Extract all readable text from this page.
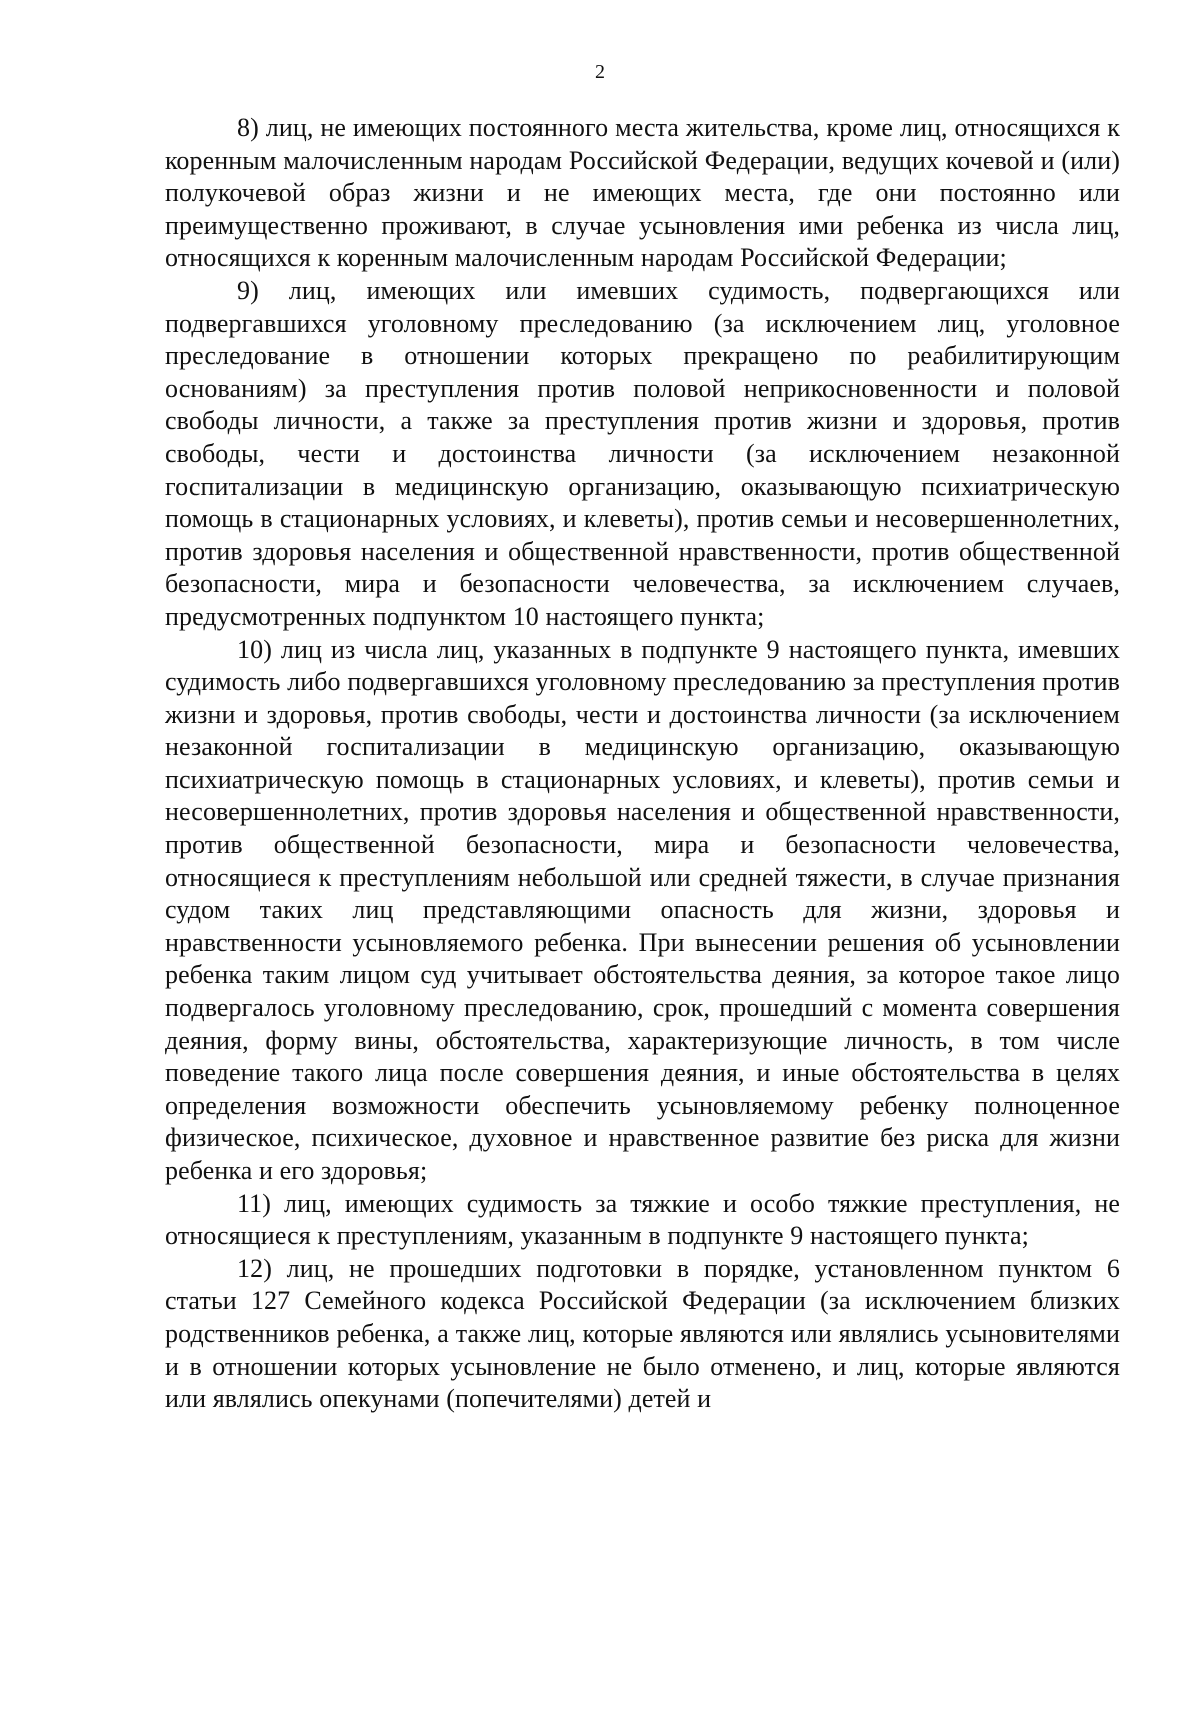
2

8) лиц, не имеющих постоянного места жительства, кроме лиц, относящихся к коренным малочисленным народам Российской Федерации, ведущих кочевой и (или) полукочевой образ жизни и не имеющих места, где они постоянно или преимущественно проживают, в случае усыновления ими ребенка из числа лиц, относящихся к коренным малочисленным народам Российской Федерации;

9) лиц, имеющих или имевших судимость, подвергающихся или подвергавшихся уголовному преследованию (за исключением лиц, уголовное преследование в отношении которых прекращено по реабилитирующим основаниям) за преступления против половой неприкосновенности и половой свободы личности, а также за преступления против жизни и здоровья, против свободы, чести и достоинства личности (за исключением незаконной госпитализации в медицинскую организацию, оказывающую психиатрическую помощь в стационарных условиях, и клеветы), против семьи и несовершеннолетних, против здоровья населения и общественной нравственности, против общественной безопасности, мира и безопасности человечества, за исключением случаев, предусмотренных подпунктом 10 настоящего пункта;

10) лиц из числа лиц, указанных в подпункте 9 настоящего пункта, имевших судимость либо подвергавшихся уголовному преследованию за преступления против жизни и здоровья, против свободы, чести и достоинства личности (за исключением незаконной госпитализации в медицинскую организацию, оказывающую психиатрическую помощь в стационарных условиях, и клеветы), против семьи и несовершеннолетних, против здоровья населения и общественной нравственности, против общественной безопасности, мира и безопасности человечества, относящиеся к преступлениям небольшой или средней тяжести, в случае признания судом таких лиц представляющими опасность для жизни, здоровья и нравственности усыновляемого ребенка. При вынесении решения об усыновлении ребенка таким лицом суд учитывает обстоятельства деяния, за которое такое лицо подвергалось уголовному преследованию, срок, прошедший с момента совершения деяния, форму вины, обстоятельства, характеризующие личность, в том числе поведение такого лица после совершения деяния, и иные обстоятельства в целях определения возможности обеспечить усыновляемому ребенку полноценное физическое, психическое, духовное и нравственное развитие без риска для жизни ребенка и его здоровья;

11) лиц, имеющих судимость за тяжкие и особо тяжкие преступления, не относящиеся к преступлениям, указанным в подпункте 9 настоящего пункта;

12) лиц, не прошедших подготовки в порядке, установленном пунктом 6 статьи 127 Семейного кодекса Российской Федерации (за исключением близких родственников ребенка, а также лиц, которые являются или являлись усыновителями и в отношении которых усыновление не было отменено, и лиц, которые являются или являлись опекунами (попечителями) детей и
